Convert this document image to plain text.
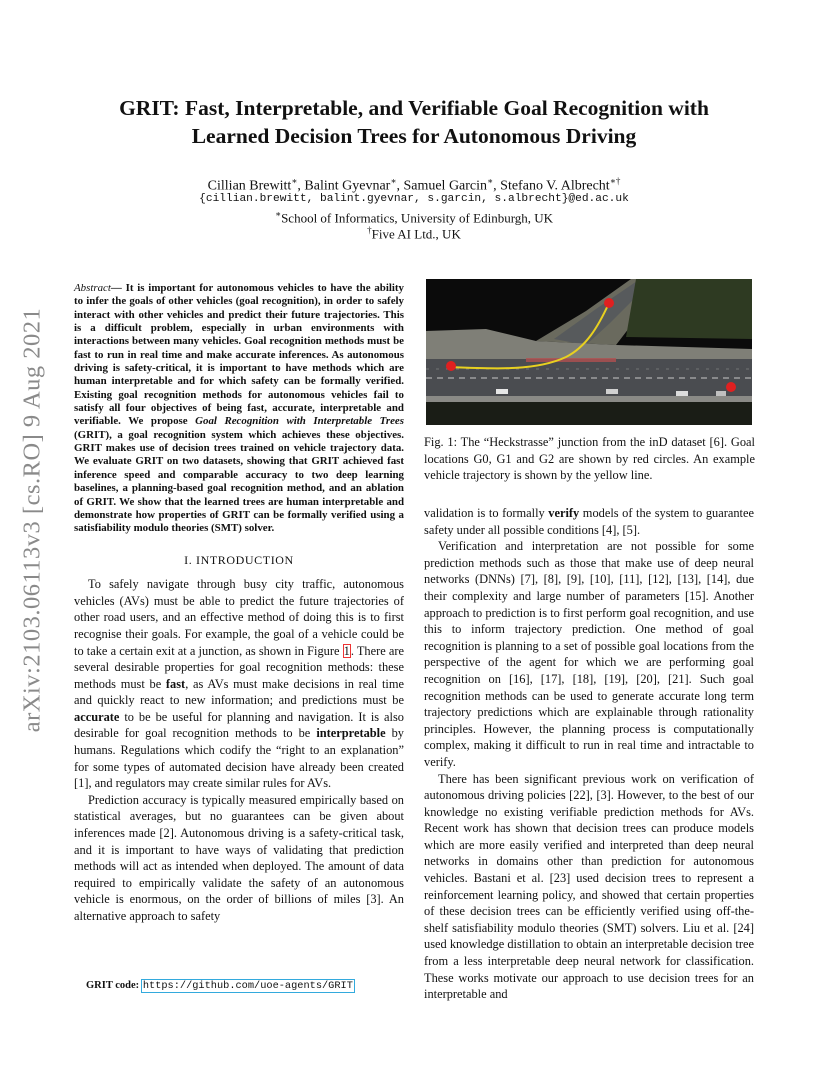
arXiv:2103.06113v3 [cs.RO] 9 Aug 2021
GRIT: Fast, Interpretable, and Verifiable Goal Recognition with
Learned Decision Trees for Autonomous Driving
Cillian Brewitt∗, Balint Gyevnar∗, Samuel Garcin∗, Stefano V. Albrecht∗†
{cillian.brewitt, balint.gyevnar, s.garcin, s.albrecht}@ed.ac.uk
∗School of Informatics, University of Edinburgh, UK
†Five AI Ltd., UK

Abstract— It is important for autonomous vehicles to have the ability to infer the goals of other vehicles (goal recognition), in order to safely interact with other vehicles and predict their future trajectories. This is a difficult problem, especially in urban environments with interactions between many vehicles. Goal recognition methods must be fast to run in real time and make accurate inferences. As autonomous driving is safety-critical, it is important to have methods which are human interpretable and for which safety can be formally verified. Existing goal recognition methods for autonomous vehicles fail to satisfy all four objectives of being fast, accurate, interpretable and verifiable. We propose Goal Recognition with Interpretable Trees (GRIT), a goal recognition system which achieves these objectives. GRIT makes use of decision trees trained on vehicle trajectory data. We evaluate GRIT on two datasets, showing that GRIT achieved fast inference speed and comparable accuracy to two deep learning baselines, a planning-based goal recognition method, and an ablation of GRIT. We show that the learned trees are human interpretable and demonstrate how properties of GRIT can be formally verified using a satisfiability modulo theories (SMT) solver.

I. INTRODUCTION

To safely navigate through busy city traffic, autonomous vehicles (AVs) must be able to predict the future trajectories of other road users, and an effective method of doing this is to first recognise their goals. For example, the goal of a vehicle could be to take a certain exit at a junction, as shown in Figure 1. There are several desirable properties for goal recognition methods: these methods must be fast, as AVs must make decisions in real time and quickly react to new information; and predictions must be accurate to be be useful for planning and navigation. It is also desirable for goal recognition methods to be interpretable by humans. Regulations which codify the “right to an explanation” for some types of automated decision have already been created [1], and regulators may create similar rules for AVs.

Prediction accuracy is typically measured empirically based on statistical averages, but no guarantees can be given about inferences made [2]. Autonomous driving is a safety-critical task, and it is important to have ways of validating that prediction methods will act as intended when deployed. The amount of data required to empirically validate the safety of an autonomous vehicle is enormous, on the order of billions of miles [3]. An alternative approach to safety

GRIT code: https://github.com/uoe-agents/GRIT
Fig. 1: The “Heckstrasse” junction from the inD dataset [6]. Goal locations G0, G1 and G2 are shown by red circles. An example vehicle trajectory is shown by the yellow line.

validation is to formally verify models of the system to guarantee safety under all possible conditions [4], [5].

Verification and interpretation are not possible for some prediction methods such as those that make use of deep neural networks (DNNs) [7], [8], [9], [10], [11], [12], [13], [14], due their complexity and large number of parameters [15]. Another approach to prediction is to first perform goal recognition, and use this to inform trajectory prediction. One method of goal recognition is planning to a set of possible goal locations from the perspective of the agent for which we are performing goal recognition on [16], [17], [18], [19], [20], [21]. Such goal recognition methods can be used to generate accurate long term trajectory predictions which are explainable through rationality principles. However, the planning process is computationally complex, making it difficult to run in real time and intractable to verify.

There has been significant previous work on verification of autonomous driving policies [22], [3]. However, to the best of our knowledge no existing verifiable prediction methods for AVs. Recent work has shown that decision trees can produce models which are more easily verified and interpreted than deep neural networks in domains other than prediction for autonomous vehicles. Bastani et al. [23] used decision trees to represent a reinforcement learning policy, and showed that certain properties of these decision trees can be efficiently verified using off-the-shelf satisfiability modulo theories (SMT) solvers. Liu et al. [24] used knowledge distillation to obtain an interpretable decision tree from a less interpretable deep neural network for classification. These works motivate our approach to use decision trees for an interpretable and
